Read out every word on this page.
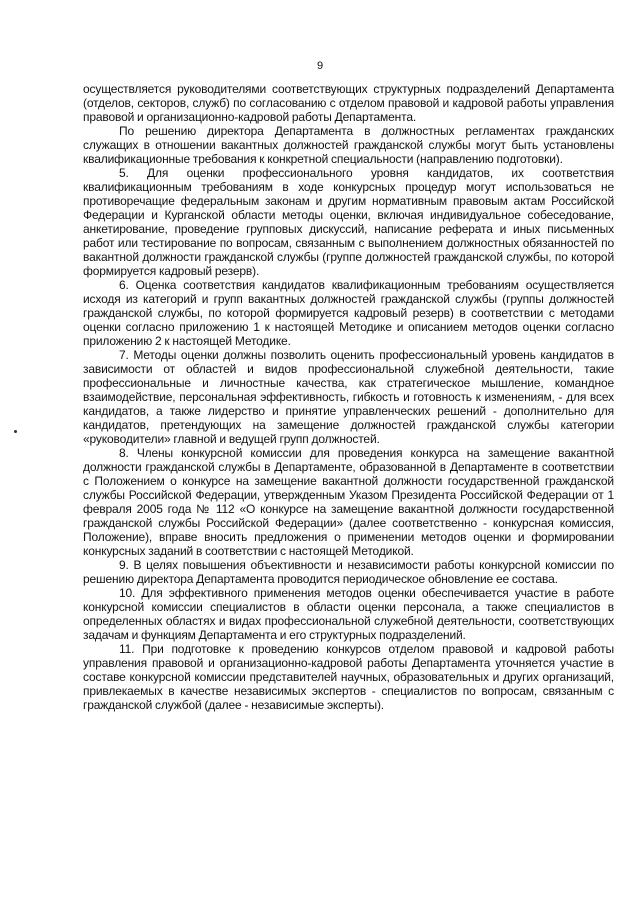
9

осуществляется руководителями соответствующих структурных подразделений Департамента (отделов, секторов, служб) по согласованию с отделом правовой и кадровой работы управления правовой и организационно-кадровой работы Департамента.

По решению директора Департамента в должностных регламентах гражданских служащих в отношении вакантных должностей гражданской службы могут быть установлены квалификационные требования к конкретной специальности (направлению подготовки).

5. Для оценки профессионального уровня кандидатов, их соответствия квалификационным требованиям в ходе конкурсных процедур могут использоваться не противоречащие федеральным законам и другим нормативным правовым актам Российской Федерации и Курганской области методы оценки, включая индивидуальное собеседование, анкетирование, проведение групповых дискуссий, написание реферата и иных письменных работ или тестирование по вопросам, связанным с выполнением должностных обязанностей по вакантной должности гражданской службы (группе должностей гражданской службы, по которой формируется кадровый резерв).

6. Оценка соответствия кандидатов квалификационным требованиям осуществляется исходя из категорий и групп вакантных должностей гражданской службы (группы должностей гражданской службы, по которой формируется кадровый резерв) в соответствии с методами оценки согласно приложению 1 к настоящей Методике и описанием методов оценки согласно приложению 2 к настоящей Методике.

7. Методы оценки должны позволить оценить профессиональный уровень кандидатов в зависимости от областей и видов профессиональной служебной деятельности, такие профессиональные и личностные качества, как стратегическое мышление, командное взаимодействие, персональная эффективность, гибкость и готовность к изменениям, - для всех кандидатов, а также лидерство и принятие управленческих решений - дополнительно для кандидатов, претендующих на замещение должностей гражданской службы категории «руководители» главной и ведущей групп должностей.

8. Члены конкурсной комиссии для проведения конкурса на замещение вакантной должности гражданской службы в Департаменте, образованной в Департаменте в соответствии с Положением о конкурсе на замещение вакантной должности государственной гражданской службы Российской Федерации, утвержденным Указом Президента Российской Федерации от 1 февраля 2005 года № 112 «О конкурсе на замещение вакантной должности государственной гражданской службы Российской Федерации» (далее соответственно - конкурсная комиссия, Положение), вправе вносить предложения о применении методов оценки и формировании конкурсных заданий в соответствии с настоящей Методикой.

9. В целях повышения объективности и независимости работы конкурсной комиссии по решению директора Департамента проводится периодическое обновление ее состава.

10. Для эффективного применения методов оценки обеспечивается участие в работе конкурсной комиссии специалистов в области оценки персонала, а также специалистов в определенных областях и видах профессиональной служебной деятельности, соответствующих задачам и функциям Департамента и его структурных подразделений.

11. При подготовке к проведению конкурсов отделом правовой и кадровой работы управления правовой и организационно-кадровой работы Департамента уточняется участие в составе конкурсной комиссии представителей научных, образовательных и других организаций, привлекаемых в качестве независимых экспертов - специалистов по вопросам, связанным с гражданской службой (далее - независимые эксперты).
